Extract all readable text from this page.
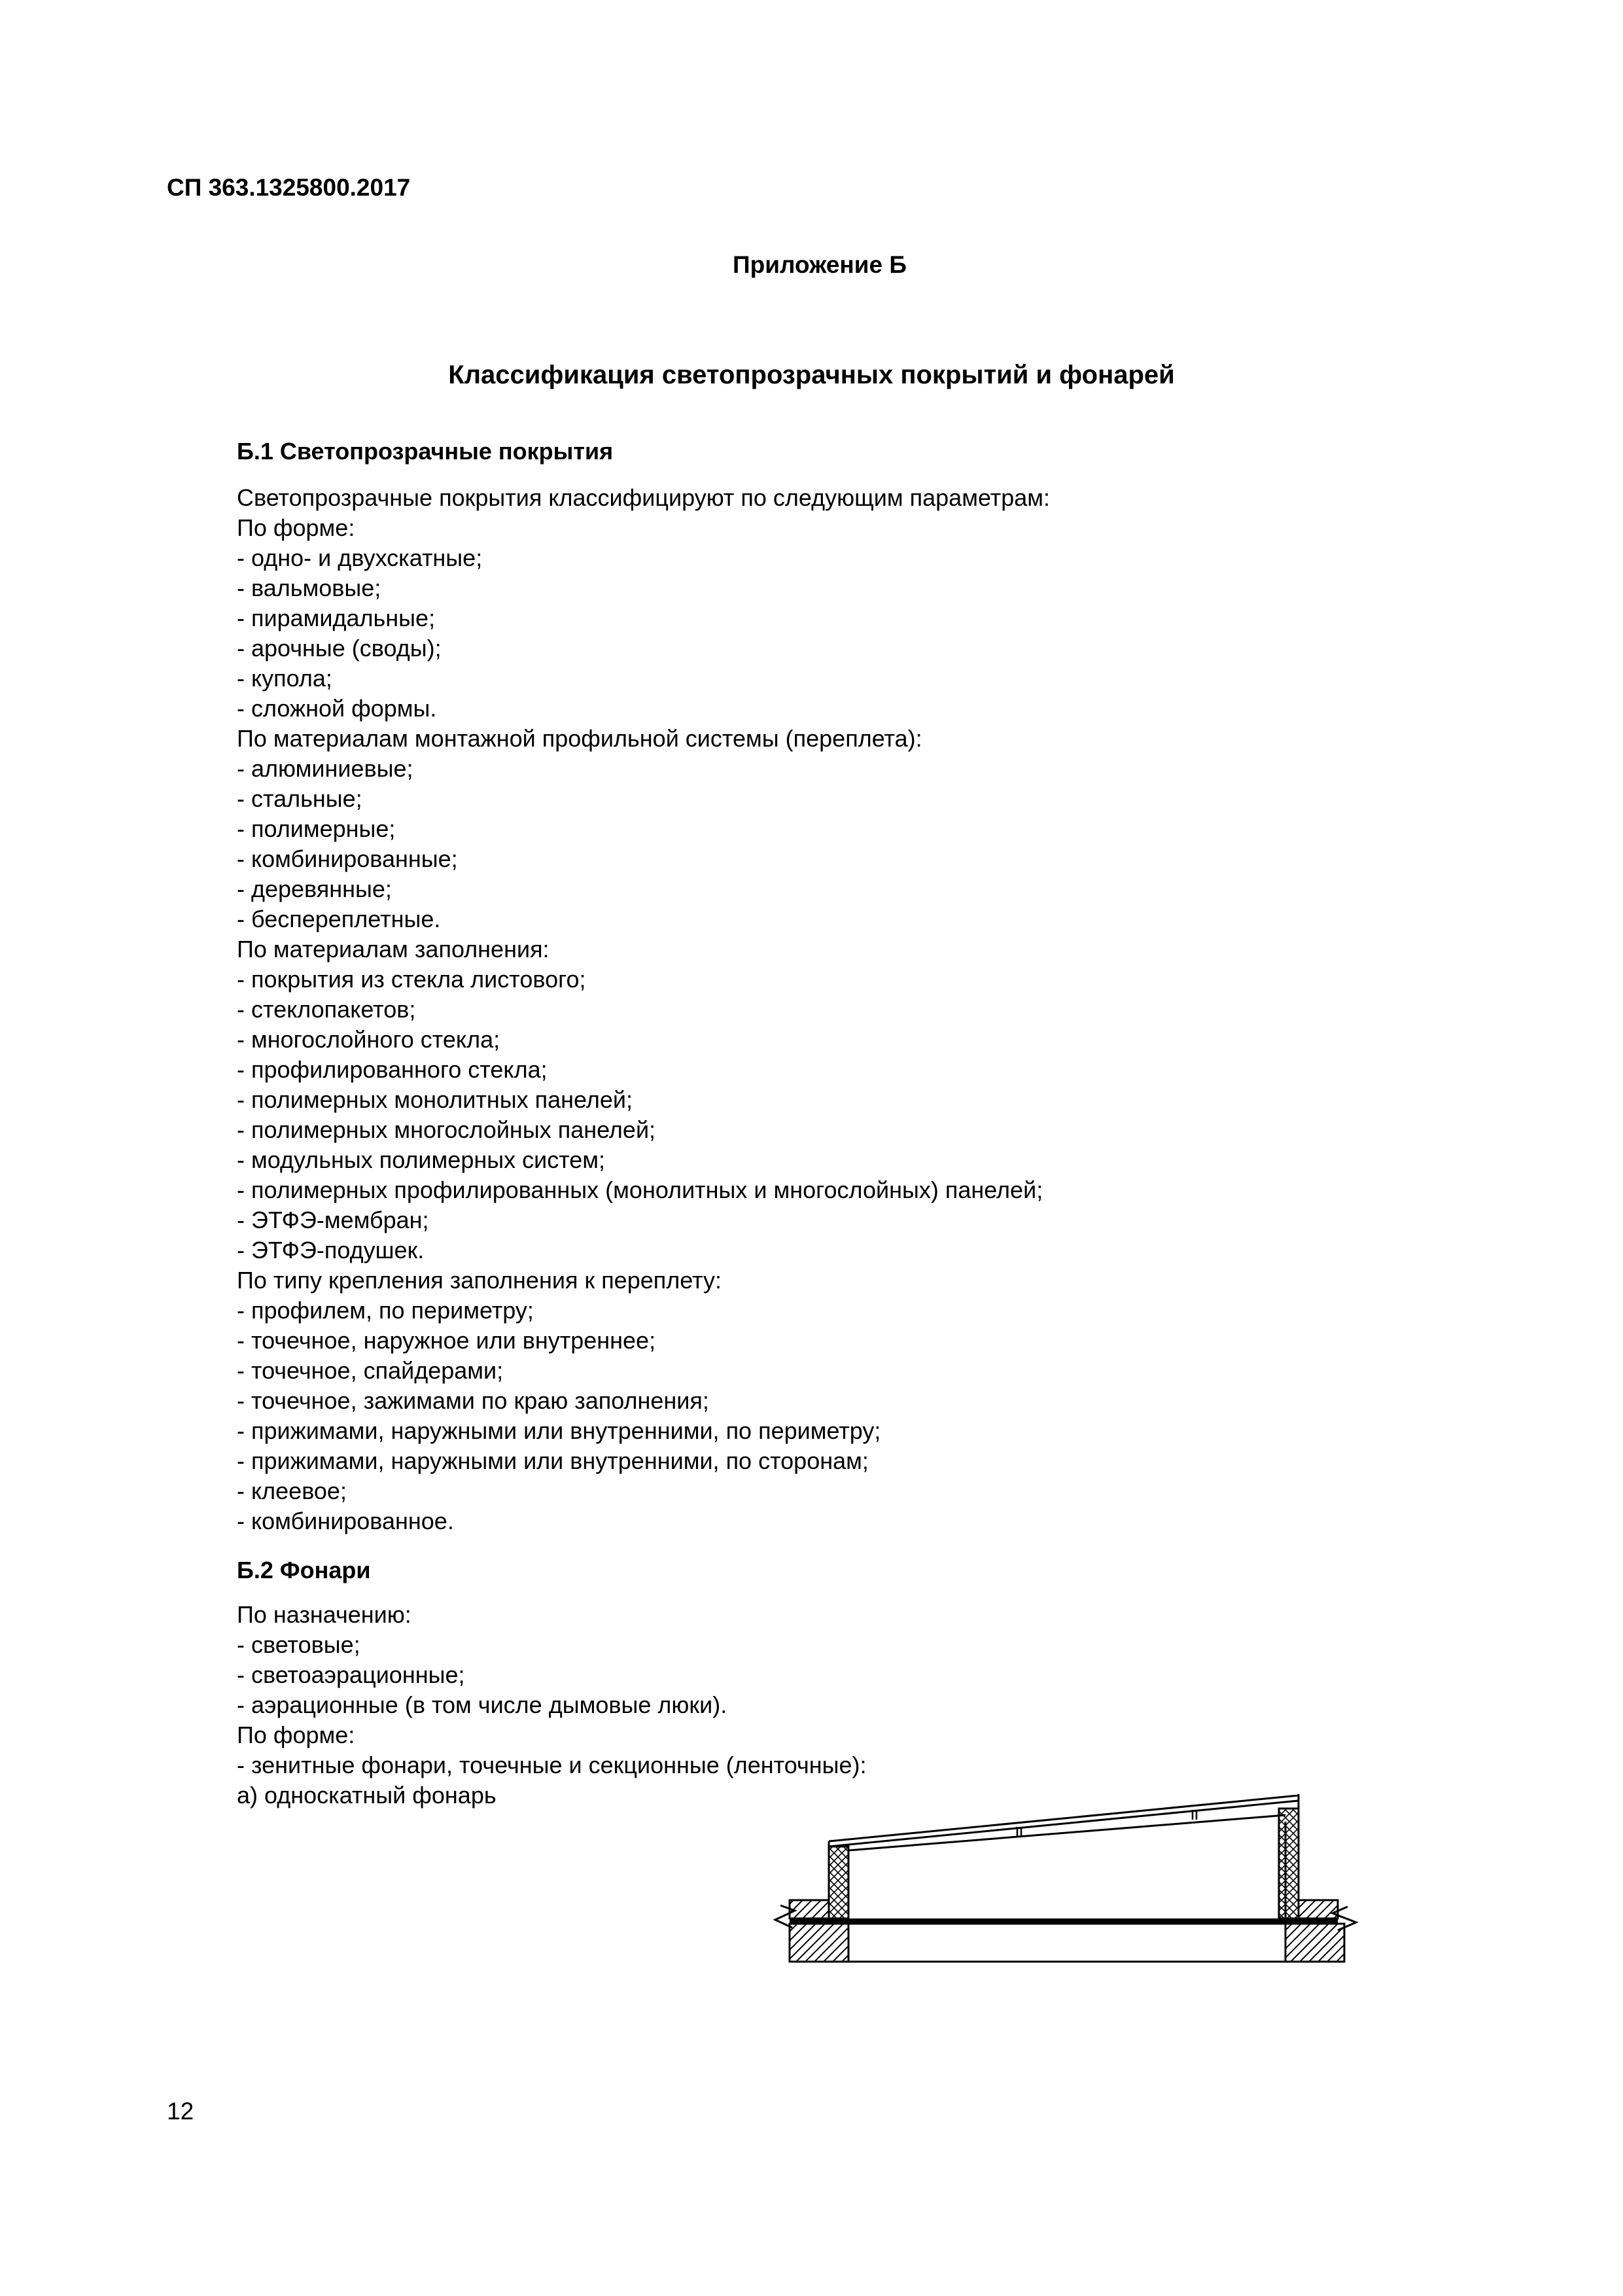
СП 363.1325800.2017
Приложение Б
Классификация светопрозрачных покрытий и фонарей
Б.1 Светопрозрачные покрытия
Светопрозрачные покрытия классифицируют по следующим параметрам:
По форме:
- одно- и двухскатные;
- вальмовые;
- пирамидальные;
- арочные (своды);
- купола;
- сложной формы.
По материалам монтажной профильной системы (переплета):
- алюминиевые;
- стальные;
- полимерные;
- комбинированные;
- деревянные;
- беспереплетные.
По материалам заполнения:
- покрытия из стекла листового;
- стеклопакетов;
- многослойного стекла;
- профилированного стекла;
- полимерных монолитных панелей;
- полимерных многослойных панелей;
- модульных полимерных систем;
- полимерных профилированных (монолитных и многослойных) панелей;
- ЭТФЭ-мембран;
- ЭТФЭ-подушек.
По типу крепления заполнения к переплету:
- профилем, по периметру;
- точечное, наружное или внутреннее;
- точечное, спайдерами;
- точечное, зажимами по краю заполнения;
- прижимами, наружными или внутренними, по периметру;
- прижимами, наружными или внутренними, по сторонам;
- клеевое;
- комбинированное.
Б.2 Фонари
По назначению:
- световые;
- светоаэрационные;
- аэрационные (в том числе дымовые люки).
По форме:
- зенитные фонари, точечные и секционные (ленточные):
а) односкатный фонарь
12
